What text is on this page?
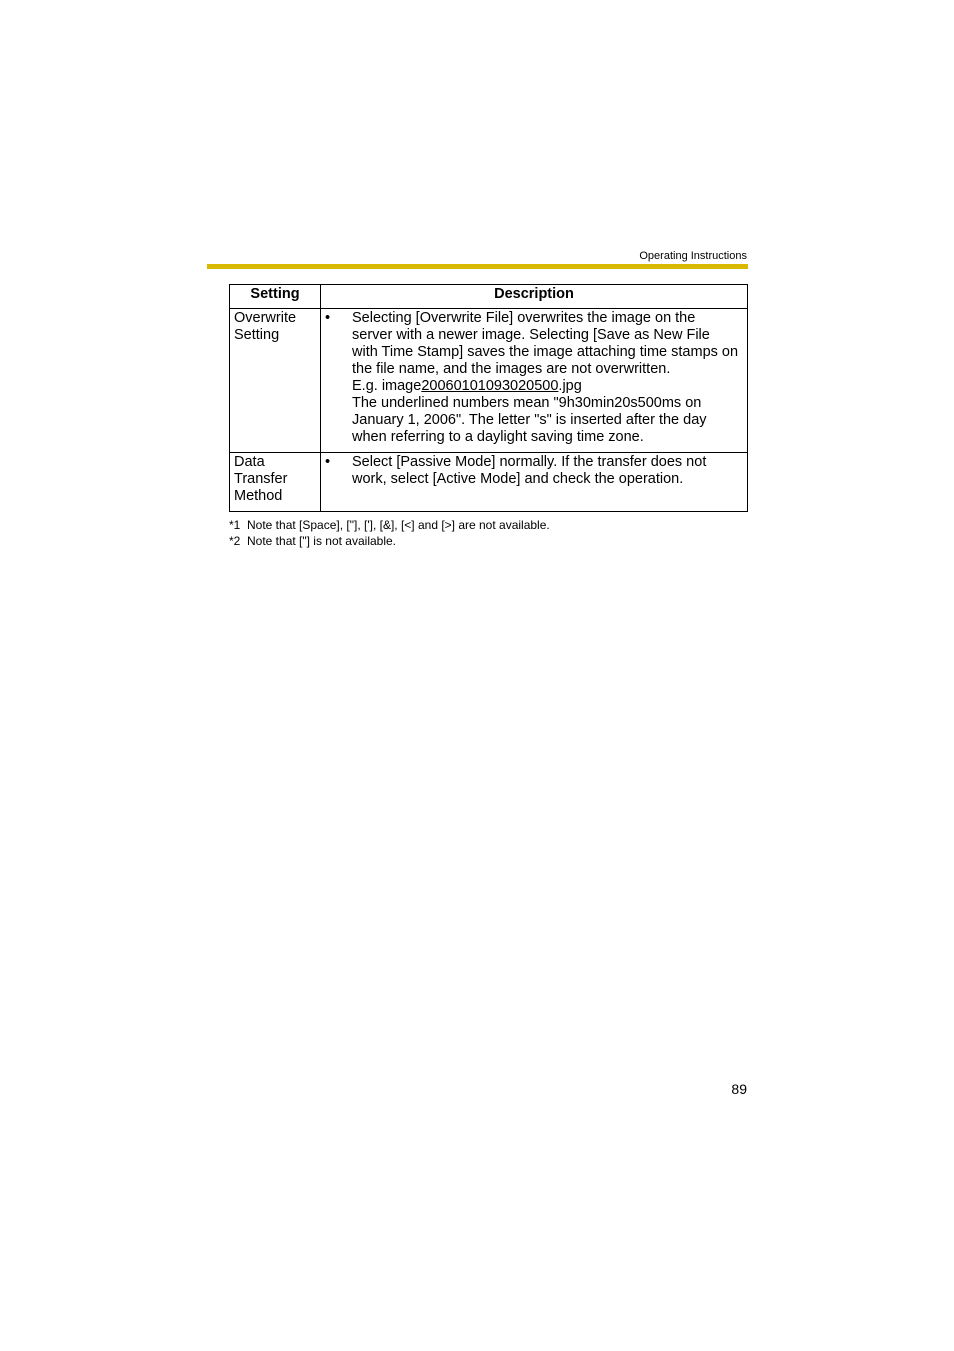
Operating Instructions
Setting	Description
Overwrite Setting	• Selecting [Overwrite File] overwrites the image on the server with a newer image. Selecting [Save as New File with Time Stamp] saves the image attaching time stamps on the file name, and the images are not overwritten.
E.g. image20060101093020500.jpg
The underlined numbers mean "9h30min20s500ms on January 1, 2006". The letter "s" is inserted after the day when referring to a daylight saving time zone.

Data Transfer Method	• Select [Passive Mode] normally. If the transfer does not work, select [Active Mode] and check the operation.
*1 Note that [Space], ["], ['], [&], [<] and [>] are not available.
*2 Note that ["] is not available.
89
